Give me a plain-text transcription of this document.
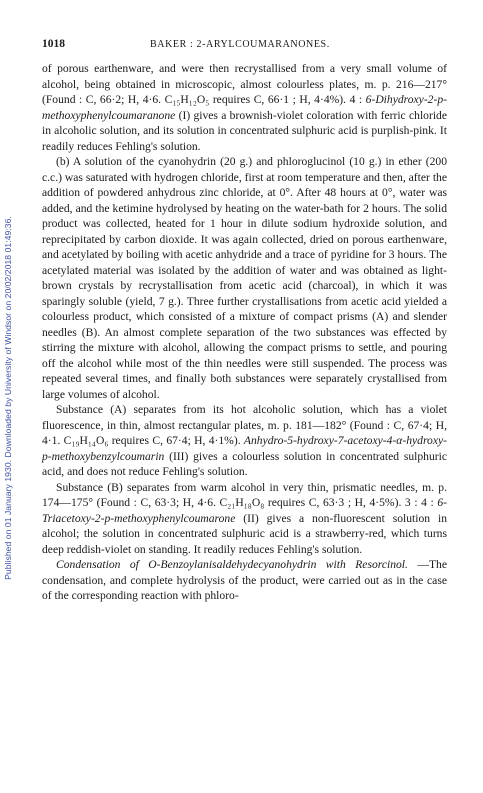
Published on 01 January 1930. Downloaded by University of Windsor on 20/02/2018 01:49:36.
1018	BAKER : 2-ARYLCOUMARANONES.

of porous earthenware, and were then recrystallised from a very small volume of alcohol, being obtained in microscopic, almost colourless plates, m. p. 216—217° (Found : C, 66·2; H, 4·6. C₁₅H₁₂O₅ requires C, 66·1 ; H, 4·4%). 4 : 6-Dihydroxy-2-p-methoxyphenylcoumaranone (I) gives a brownish-violet coloration with ferric chloride in alcoholic solution, and its solution in concentrated sulphuric acid is purplish-pink. It readily reduces Fehling's solution.

(b) A solution of the cyanohydrin (20 g.) and phloroglucinol (10 g.) in ether (200 c.c.) was saturated with hydrogen chloride, first at room temperature and then, after the addition of powdered anhydrous zinc chloride, at 0°. After 48 hours at 0°, water was added, and the ketimine hydrolysed by heating on the water-bath for 2 hours. The solid product was collected, heated for 1 hour in dilute sodium hydroxide solution, and reprecipitated by carbon dioxide. It was again collected, dried on porous earthenware, and acetylated by boiling with acetic anhydride and a trace of pyridine for 3 hours. The acetylated material was isolated by the addition of water and was obtained as light-brown crystals by recrystallisation from acetic acid (charcoal), in which it was sparingly soluble (yield, 7 g.). Three further crystallisations from acetic acid yielded a colourless product, which consisted of a mixture of compact prisms (A) and slender needles (B). An almost complete separation of the two substances was effected by stirring the mixture with alcohol, allowing the compact prisms to settle, and pouring off the alcohol while most of the thin needles were still suspended. The process was repeated several times, and finally both substances were separately crystallised from large volumes of alcohol.

Substance (A) separates from its hot alcoholic solution, which has a violet fluorescence, in thin, almost rectangular plates, m. p. 181—182° (Found : C, 67·4; H, 4·1. C₁₉H₁₄O₆ requires C, 67·4; H, 4·1%). Anhydro-5-hydroxy-7-acetoxy-4-α-hydroxy-p-methoxybenzylcoumarin (III) gives a colourless solution in concentrated sulphuric acid, and does not reduce Fehling's solution.

Substance (B) separates from warm alcohol in very thin, prismatic needles, m. p. 174—175° (Found : C, 63·3; H, 4·6. C₂₁H₁₈O₈ requires C, 63·3 ; H, 4·5%). 3 : 4 : 6-Triacetoxy-2-p-methoxyphenylcoumarone (II) gives a non-fluorescent solution in alcohol; the solution in concentrated sulphuric acid is a strawberry-red, which turns deep reddish-violet on standing. It readily reduces Fehling's solution.

Condensation of O-Benzoylanisaldehydecyanohydrin with Resorcinol. —The condensation, and complete hydrolysis of the product, were carried out as in the case of the corresponding reaction with phloro-
